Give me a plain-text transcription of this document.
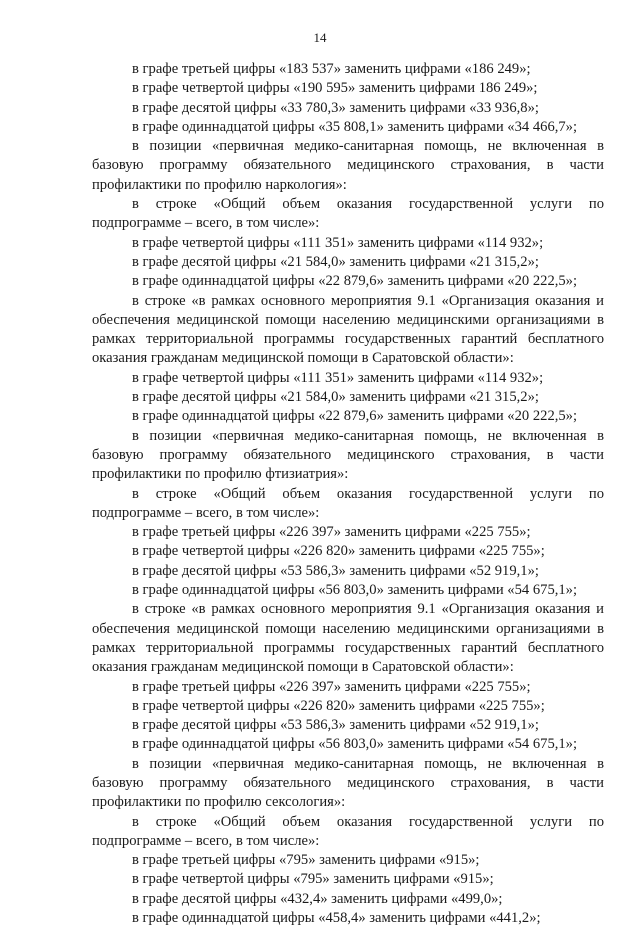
14

в графе третьей цифры «183 537» заменить цифрами «186 249»;

в графе четвертой цифры «190 595» заменить цифрами 186 249»;

в графе десятой цифры «33 780,3» заменить цифрами «33 936,8»;

в графе одиннадцатой цифры «35 808,1» заменить цифрами «34 466,7»;

в позиции «первичная медико-санитарная помощь, не включенная в базовую программу обязательного медицинского страхования, в части профилактики по профилю наркология»:

в строке «Общий объем оказания государственной услуги по подпрограмме – всего, в том числе»:

в графе четвертой цифры «111 351» заменить цифрами «114 932»;

в графе десятой цифры «21 584,0» заменить цифрами «21 315,2»;

в графе одиннадцатой цифры «22 879,6» заменить цифрами «20 222,5»;

в строке «в рамках основного мероприятия 9.1 «Организация оказания и обеспечения медицинской помощи населению медицинскими организациями в рамках территориальной программы государственных гарантий бесплатного оказания гражданам медицинской помощи в Саратовской области»:

в графе четвертой цифры «111 351» заменить цифрами «114 932»;

в графе десятой цифры «21 584,0» заменить цифрами «21 315,2»;

в графе одиннадцатой цифры «22 879,6» заменить цифрами «20 222,5»;

в позиции «первичная медико-санитарная помощь, не включенная в базовую программу обязательного медицинского страхования, в части профилактики по профилю фтизиатрия»:

в строке «Общий объем оказания государственной услуги по подпрограмме – всего, в том числе»:

в графе третьей цифры «226 397» заменить цифрами «225 755»;

в графе четвертой цифры «226 820» заменить цифрами «225 755»;

в графе десятой цифры «53 586,3» заменить цифрами «52 919,1»;

в графе одиннадцатой цифры «56 803,0» заменить цифрами «54 675,1»;

в строке «в рамках основного мероприятия 9.1 «Организация оказания и обеспечения медицинской помощи населению медицинскими организациями в рамках территориальной программы государственных гарантий бесплатного оказания гражданам медицинской помощи в Саратовской области»:

в графе третьей цифры «226 397» заменить цифрами «225 755»;

в графе четвертой цифры «226 820» заменить цифрами «225 755»;

в графе десятой цифры «53 586,3» заменить цифрами «52 919,1»;

в графе одиннадцатой цифры «56 803,0» заменить цифрами «54 675,1»;

в позиции «первичная медико-санитарная помощь, не включенная в базовую программу обязательного медицинского страхования, в части профилактики по профилю сексология»:

в строке «Общий объем оказания государственной услуги по подпрограмме – всего, в том числе»:

в графе третьей цифры «795» заменить цифрами «915»;

в графе четвертой цифры «795» заменить цифрами «915»;

в графе десятой цифры «432,4» заменить цифрами «499,0»;

в графе одиннадцатой цифры «458,4» заменить цифрами «441,2»;
